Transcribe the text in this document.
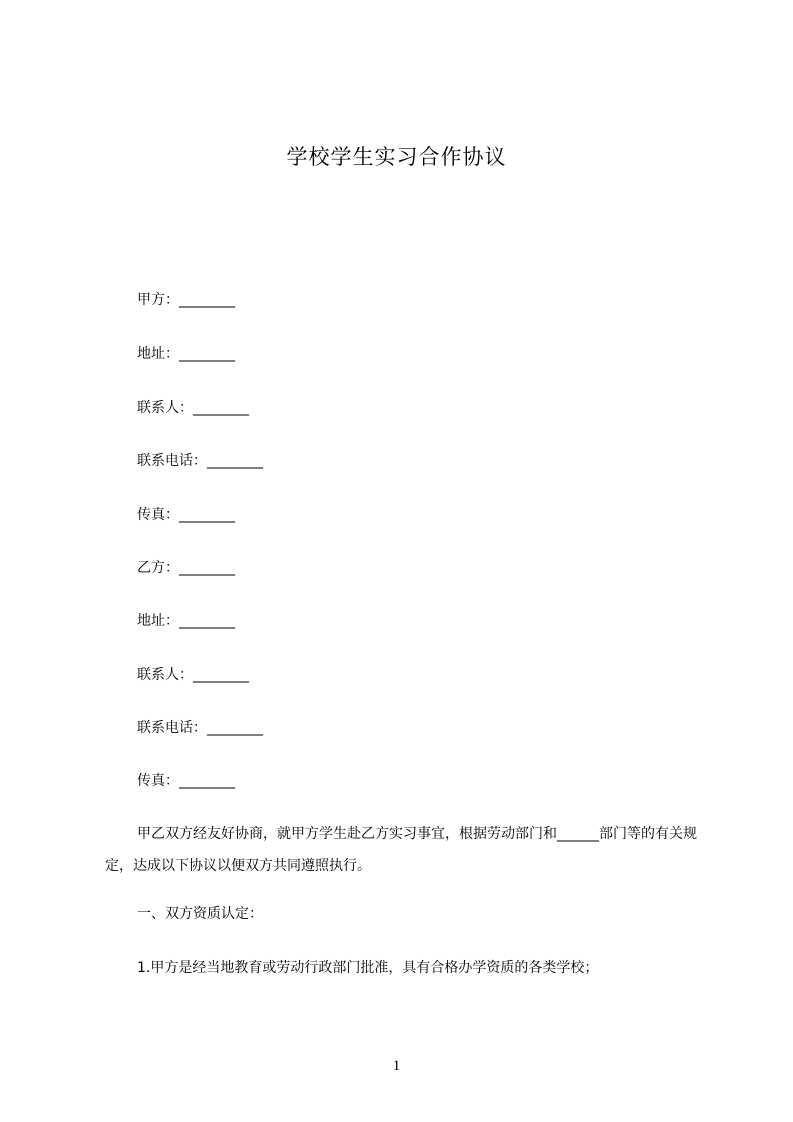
学校学生实习合作协议
甲方：________
地址：________
联系人：________
联系电话：________
传真：________
乙方：________
地址：________
联系人：________
联系电话：________
传真：________
甲乙双方经友好协商，就甲方学生赴乙方实习事宜，根据劳动部门和______部门等的有关规定，达成以下协议以便双方共同遵照执行。
一、双方资质认定：
1.甲方是经当地教育或劳动行政部门批准，具有合格办学资质的各类学校；
1
